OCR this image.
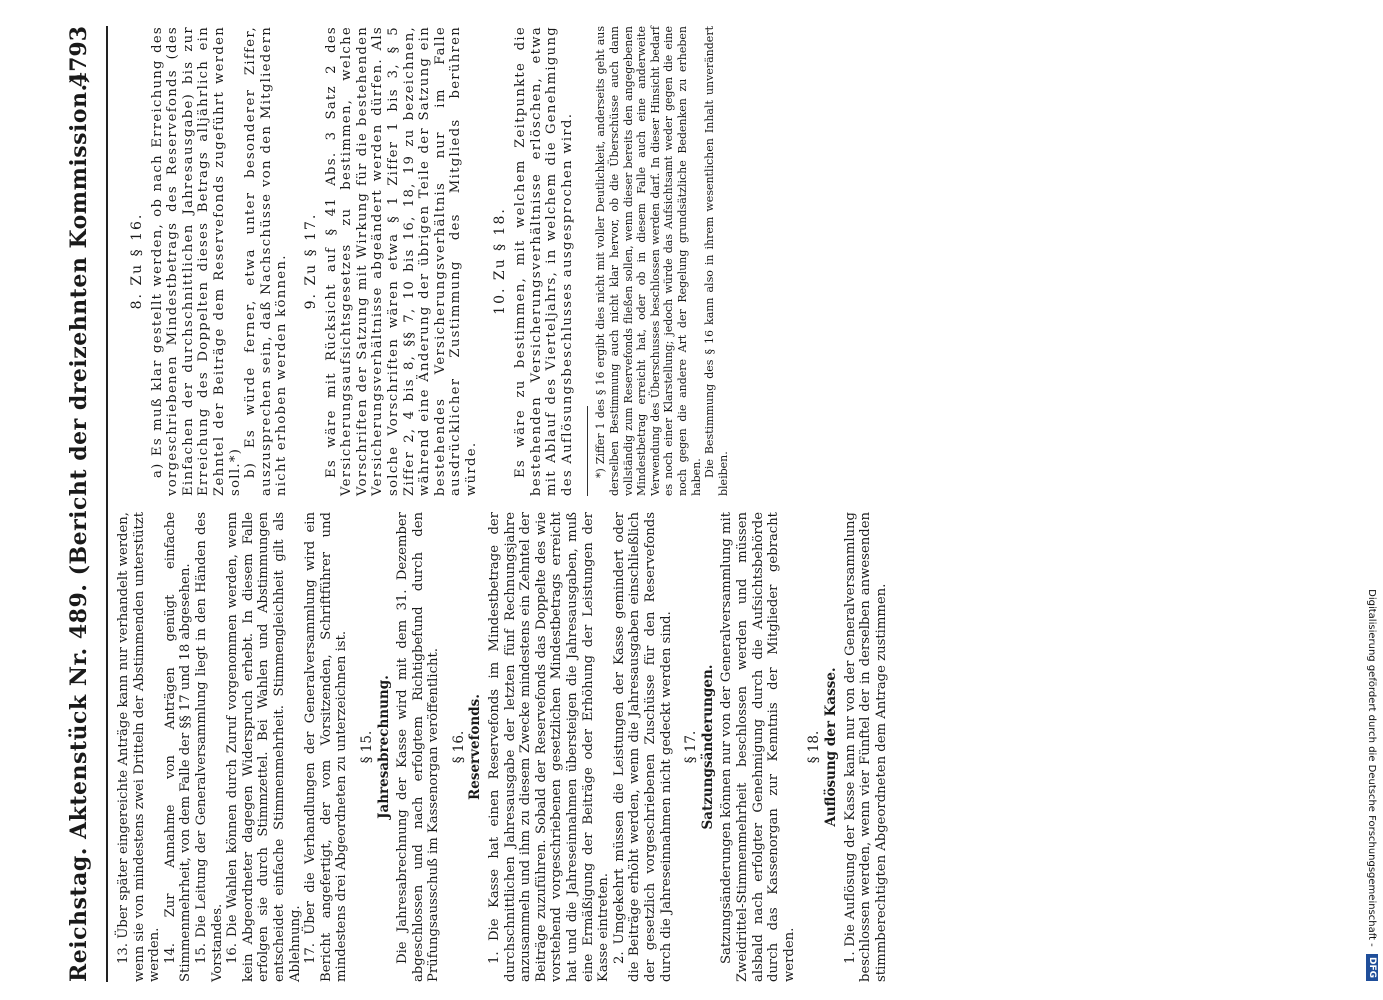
Reichstag. Aktenstück Nr. 489. (Bericht der dreizehnten Kommission.)
4793

13. Über später eingereichte Anträge kann nur verhandelt werden, wenn sie von mindestens zwei Dritteln der Abstimmenden unterstützt werden. 14. Zur Annahme von Anträgen genügt einfache Stimmenmehrheit, von dem Falle der §§ 17 und 18 abgesehen. 15. Die Leitung der Generalversammlung liegt in den Händen des Vorstandes. 16. Die Wahlen können durch Zuruf vorgenommen werden, wenn kein Abgeordneter dagegen Widerspruch erhebt. In diesem Falle erfolgen sie durch Stimmzettel. Bei Wahlen und Abstimmungen entscheidet einfache Stimmenmehrheit. Stimmengleichheit gilt als Ablehnung. 17. Über die Verhandlungen der Generalversammlung wird ein Bericht angefertigt, der vom Vorsitzenden, Schriftführer und mindestens drei Abgeordneten zu unterzeichnen ist. § 15. Jahresabrechnung. Die Jahresabrechnung der Kasse wird mit dem 31. Dezember abgeschlossen und nach erfolgtem Richtigbefund durch den Prüfungsausschuß im Kassenorgan veröffentlicht. § 16. Reservefonds. 1. Die Kasse hat einen Reservefonds im Mindestbetrage der durchschnittlichen Jahresausgabe der letzten fünf Rechnungsjahre anzusammeln und ihm zu diesem Zwecke mindestens ein Zehntel der Beiträge zuzuführen. Sobald der Reservefonds das Doppelte des wie vorstehend vorgeschriebenen gesetzlichen Mindestbetrags erreicht hat und die Jahreseinnahmen übersteigen die Jahresausgaben, muß eine Ermäßigung der Beiträge oder Erhöhung der Leistungen der Kasse eintreten. 2. Umgekehrt müssen die Leistungen der Kasse gemindert oder die Beiträge erhöht werden, wenn die Jahresausgaben einschließlich der gesetzlich vorgeschriebenen Zuschüsse für den Reservefonds durch die Jahreseinnahmen nicht gedeckt werden sind. § 17. Satzungsänderungen. Satzungsänderungen können nur von der Generalversammlung mit Zweidrittel-Stimmenmehrheit beschlossen werden und müssen alsbald nach erfolgter Genehmigung durch die Aufsichtsbehörde durch das Kassenorgan zur Kenntnis der Mitglieder gebracht werden.

§ 18. Auflösung der Kasse. 1. Die Auflösung der Kasse kann nur von der Generalversammlung beschlossen werden, wenn vier Fünftel der in derselben anwesenden stimmberechtigten Abgeordneten dem Antrage zustimmen.

8. Zu § 16. a) Es muß klar gestellt werden, ob nach Erreichung des vorgeschriebenen Mindestbetrags des Reservefonds (des Einfachen der durchschnittlichen Jahresausgabe) bis zur Erreichung des Doppelten dieses Betrags alljährlich ein Zehntel der Beiträge dem Reservefonds zugeführt werden soll.*) b) Es würde ferner, etwa unter besonderer Ziffer, auszusprechen sein, daß Nachschüsse von den Mitgliedern nicht erhoben werden können. 9. Zu § 17. Es wäre mit Rücksicht auf § 41 Abs. 3 Satz 2 des Versicherungsaufsichtsgesetzes zu bestimmen, welche Vorschriften der Satzung mit Wirkung für die bestehenden Versicherungsverhältnisse abgeändert werden dürfen. Als solche Vorschriften wären etwa § 1 Ziffer 1 bis 3, § 5 Ziffer 2, 4 bis 8, §§ 7, 10 bis 16, 18, 19 zu bezeichnen, während eine Änderung der übrigen Teile der Satzung ein bestehendes Versicherungsverhältnis nur im Falle ausdrücklicher Zustimmung des Mitglieds berühren würde.

10. Zu § 18. Es wäre zu bestimmen, mit welchem Zeitpunkte die bestehenden Versicherungsverhältnisse erlöschen, etwa mit Ablauf des Vierteljahrs, in welchem die Genehmigung des Auflösungsbeschlusses ausgesprochen wird. *) Ziffer 1 des § 16 ergibt dies nicht mit voller Deutlichkeit, anderseits geht aus derselben Bestimmung auch nicht klar hervor, ob die Überschüsse auch dann vollständig zum Reservefonds fließen sollen, wenn dieser bereits den angegebenen Mindestbetrag erreicht hat, oder ob in diesem Falle auch eine anderweite Verwendung des Überschusses beschlossen werden darf. In dieser Hinsicht bedarf es noch einer Klarstellung; jedoch würde das Aufsichtsamt weder gegen die eine noch gegen die andere Art der Regelung grundsätzliche Bedenken zu erheben haben. Die Bestimmung des § 16 kann also in ihrem wesentlichen Inhalt unverändert bleiben.

Digitalisierung gefördert durch die Deutsche Forschungsgemeinschaft - DFG
